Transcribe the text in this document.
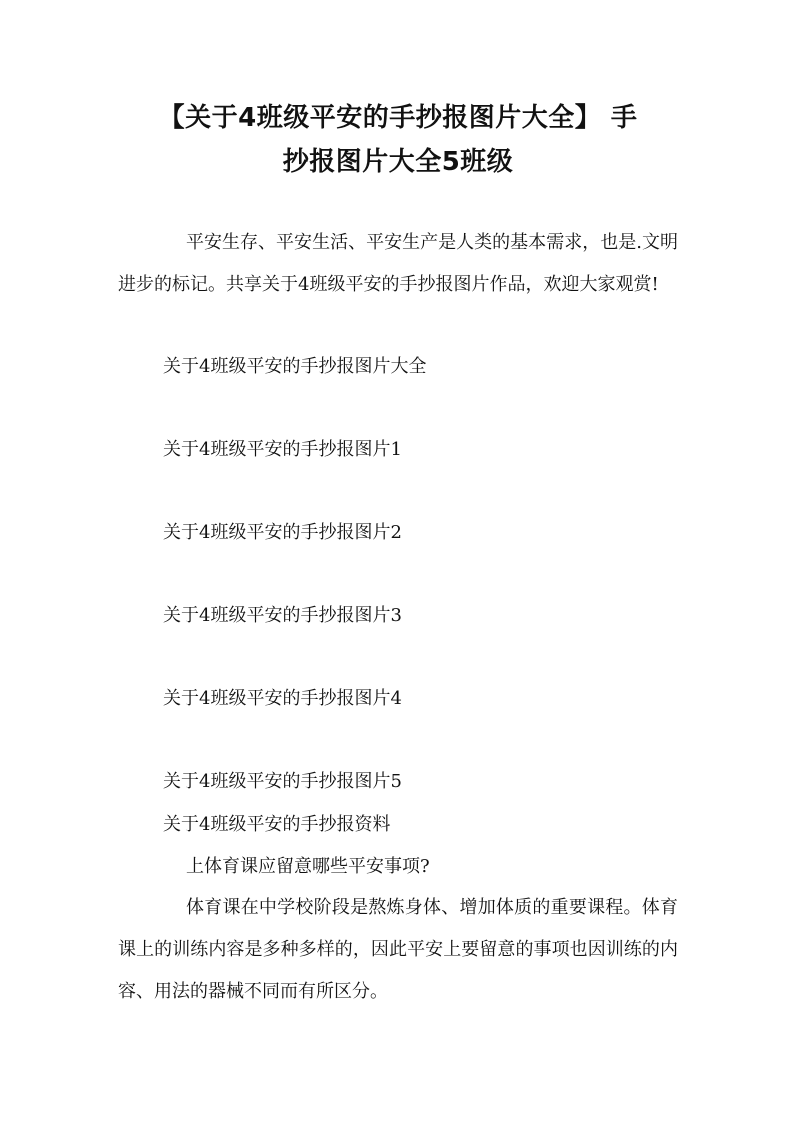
【关于4班级平安的手抄报图片大全】 手
抄报图片大全5班级

平安生存、平安生活、平安生产是人类的基本需求，也是.文明进步的标记。共享关于4班级平安的手抄报图片作品，欢迎大家观赏!

关于4班级平安的手抄报图片大全

关于4班级平安的手抄报图片1

关于4班级平安的手抄报图片2

关于4班级平安的手抄报图片3

关于4班级平安的手抄报图片4

关于4班级平安的手抄报图片5

关于4班级平安的手抄报资料

上体育课应留意哪些平安事项?

体育课在中学校阶段是熬炼身体、增加体质的重要课程。体育课上的训练内容是多种多样的，因此平安上要留意的事项也因训练的内容、用法的器械不同而有所区分。
